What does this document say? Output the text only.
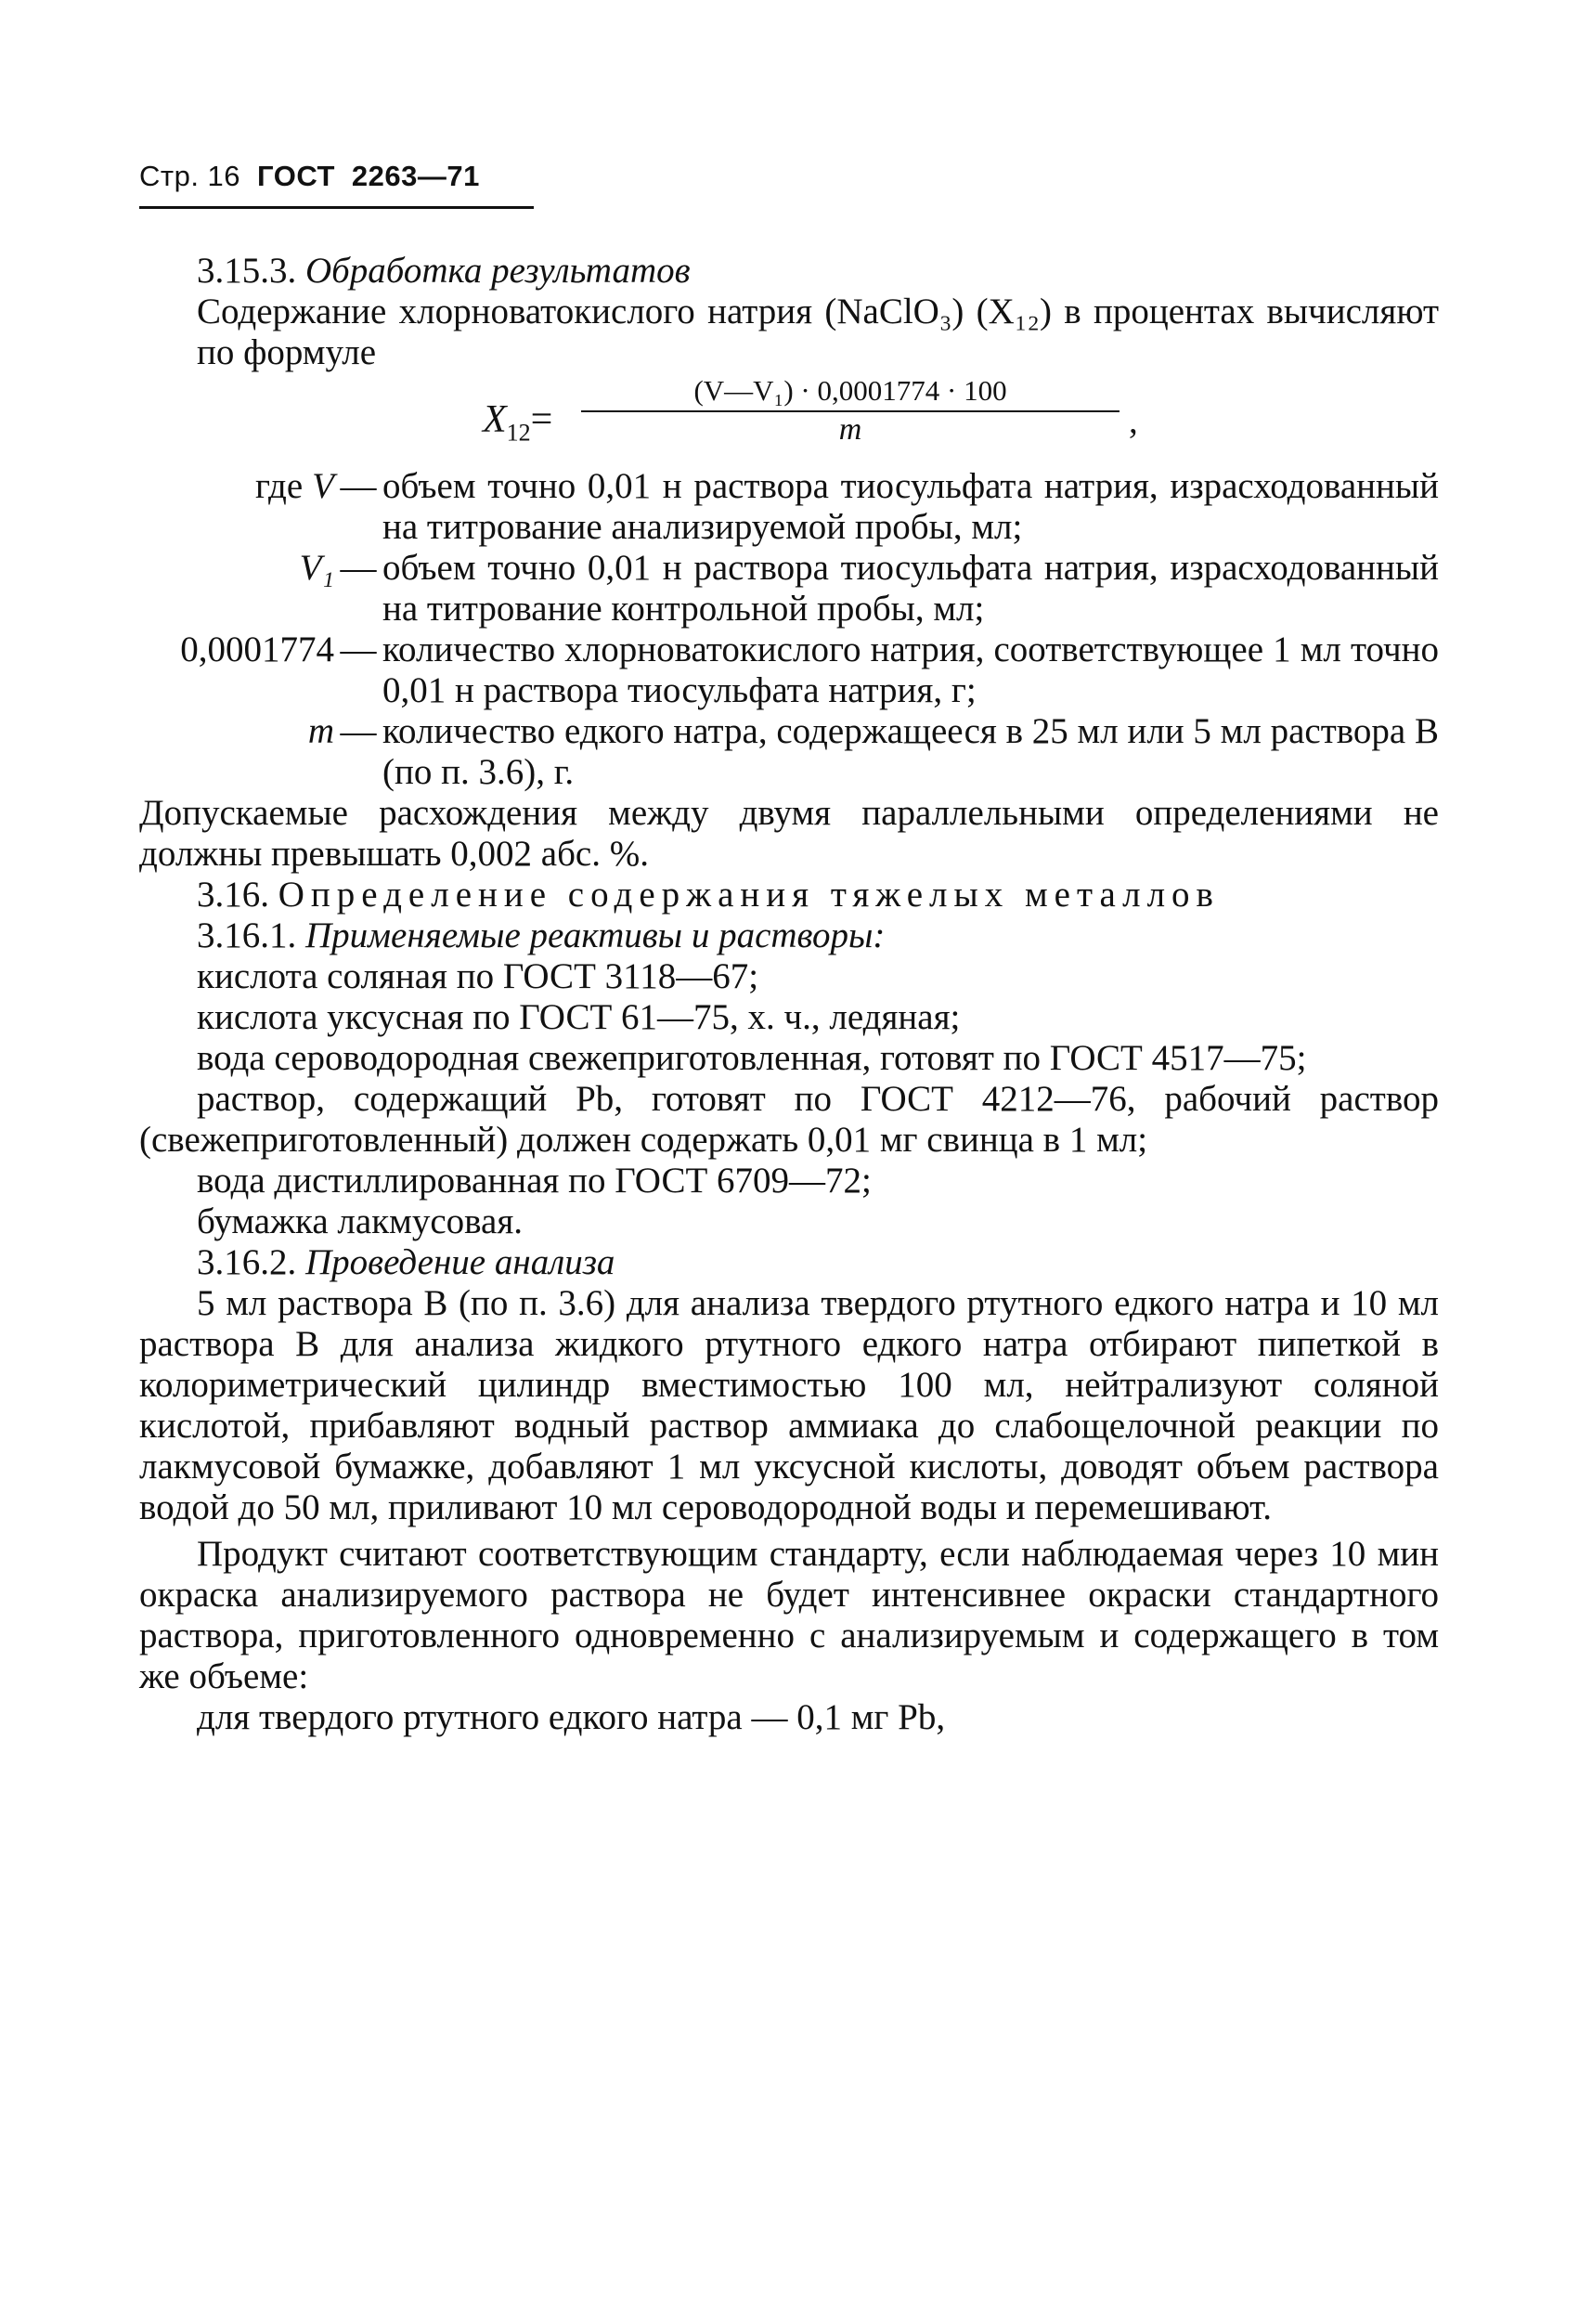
Стр. 16 ГОСТ 2263—71

3.15.3. Обработка результатов

Содержание хлорноватокислого натрия (NaClO₃) (X₁₂) в процентах вычисляют по формуле

$X_{12}= \frac{\text{(V—V₁) · 0,0001774 · 100}}{m}$ ,
где V	—	объем точно 0,01 н раствора тиосульфата натрия, израсходованный на титрование анализируемой пробы, мл;
V₁	—	объем точно 0,01 н раствора тиосульфата натрия, израсходованный на титрование контрольной пробы, мл;
0,0001774	—	количество хлорноватокислого натрия, соответствующее 1 мл точно 0,01 н раствора тиосульфата натрия, г;
m	—	количество едкого натра, содержащееся в 25 мл или 5 мл раствора B (по п. 3.6), г.

Допускаемые расхождения между двумя параллельными определениями не должны превышать 0,002 абс. %.

3.16. Определение содержания тяжелых металлов

3.16.1. Применяемые реактивы и растворы:

кислота соляная по ГОСТ 3118—67;

кислота уксусная по ГОСТ 61—75, х. ч., ледяная;

вода сероводородная свежеприготовленная, готовят по ГОСТ 4517—75;

раствор, содержащий Pb, готовят по ГОСТ 4212—76, рабочий раствор (свежеприготовленный) должен содержать 0,01 мг свинца в 1 мл;

вода дистиллированная по ГОСТ 6709—72;

бумажка лакмусовая.

3.16.2. Проведение анализа

5 мл раствора B (по п. 3.6) для анализа твердого ртутного едкого натра и 10 мл раствора B для анализа жидкого ртутного едкого натра отбирают пипеткой в колориметрический цилиндр вместимостью 100 мл, нейтрализуют соляной кислотой, прибавляют водный раствор аммиака до слабощелочной реакции по лакмусовой бумажке, добавляют 1 мл уксусной кислоты, доводят объем раствора водой до 50 мл, приливают 10 мл сероводородной воды и перемешивают.

Продукт считают соответствующим стандарту, если наблюдаемая через 10 мин окраска анализируемого раствора не будет интенсивнее окраски стандартного раствора, приготовленного одновременно с анализируемым и содержащего в том же объеме:

для твердого ртутного едкого натра — 0,1 мг Pb,
